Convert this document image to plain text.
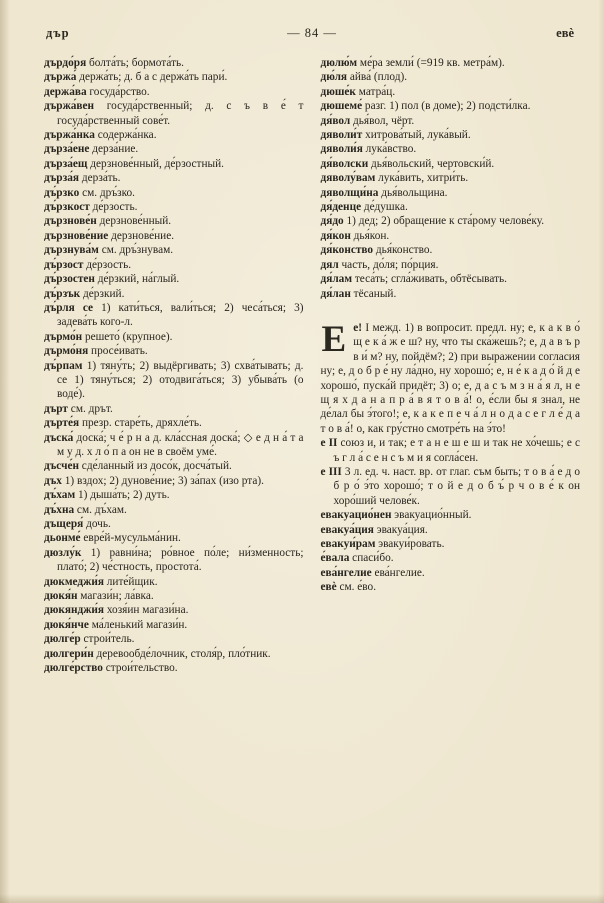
дър	— 84 —	евѐ

дърдо́ря болта́ть; бормота́ть.

държа́ держа́ть; д. б а с держа́ть пари́.

держа́ва госуда́рство.

държа́вен госуда́рственный; д. с ъ в е́ т госуда́рственный сове́т.

държа́нка содержа́нка.

дърза́ене дерза́ние.

дърза́ещ дерзнове́нный, де́рзостный.

дърза́я дерза́ть.

дъ́рзко см. дръ́зко.

дъ́рзкост де́рзость.

дързнове́н дерзнове́нный.

дързнове́ние дерзнове́ние.

дързнува́м см. дръ́знувам.

дъ́рзост де́рзость.

дъ́рзостен де́рзкий, на́глый.

дъ́рзък де́рзкий.

дъ́рля се 1) кати́ться, вали́ться; 2) чеса́ться; 3) задева́ть кого-л.

дърмо́н решето́ (крупное).

дърмо́ня просе́ивать.

дъ́рпам 1) тяну́ть; 2) выдёргивать; 3) схва́тывать; д. се 1) тяну́ться; 2) отодвига́ться; 3) убыва́ть (о воде́).

дърт см. дрът.

дърте́я презр. старе́ть, дряхле́ть.

дъска́ доска́; ч е́ р н а д. кла́ссная доска́; ◇ е д н а́ т а м у д. х л о́ п а он не в своём уме́.

дъсче́н сде́ланный из досо́к, досча́тый.

дъх 1) вздох; 2) дунове́ние; 3) за́пах (изо рта).

дъ́хам 1) дыша́ть; 2) дуть.

дъ́хна см. дъ́хам.

дъщеря́ дочь.

дьонме́ евре́й-мусульма́нин.

дюзлу́к 1) равни́на; ро́вное по́ле; ни́зменность; плато́; 2) че́стность, простота́.

дюкмеджи́я лите́йщик.

дюкя́н магази́н; ла́вка.

дюкянджи́я хозя́ин магази́на.

дюкя́нче ма́ленький магази́н.

дюлге́р строи́тель.

дюлгери́н деревообде́лочник, столя́р, пло́тник.

дюлге́рство строи́тельство.

дюлю́м ме́ра земли́ (=919 кв. метра́м).

дю́ля айва́ (плод).

дюше́к матра́ц.

дюшеме́ разг. 1) пол (в доме); 2) подсти́лка.

дя́вол дья́вол, чёрт.

дяволи́т хитрова́тый, лука́вый.

дяволи́я лука́вство.

дя́волски дья́вольский, чертовски́й.

дяволу́вам лука́вить, хитри́ть.

дяволщи́на дья́вольщина.

дя́денце де́душка.

дя́до 1) дед; 2) обращение к ста́рому челове́ку.

дя́кон дья́кон.

дя́конство дья́конство.

дял часть, до́ля; по́рция.

дя́лам теса́ть; сгла́живать, обтёсывать.

дя́лан тёсаный.

Ее! I межд. 1) в вопросит. предл. ну; е, к а к в о́ щ е к а́ ж е ш? ну, что ты ска́жешь?; е, д а в ъ р в и́ м? ну, пойдём?; 2) при выражении согласия ну; е, д о б р е́ ну ла́дно, ну хорошо́; е, н е́ к а д о́ й д е хорошо́, пуска́й придёт; 3) о; е, д а с ъ м з н а́ я л, н е щ я х д а н а п р а́ в я т о в а́! о, е́сли бы я знал, не де́лал бы э́того!; е, к а к е п е ч а́ л н о д а с е г л е́ д а т о в а́! о, как гру́стно смотре́ть на э́то!

е II союз и, и так; е т а н е ш е ш и так не хо́чешь; е с ъ г л а́ с е н с ъ м и я согла́сен.

е III 3 л. ед. ч. наст. вр. от глаг. съм быть; т о в а́ е д о б р о́ э́то хорошо́; т о й е д о б ъ́ р ч о в е́ к он хоро́ший челове́к.

евакуацио́нен эвакуацио́нный.

евакуа́ция эвакуа́ция.

евакуи́рам эвакуи́ровать.

е́вала спаси́бо.

ева́нгелие ева́нгелие.

евѐ см. е́во.
